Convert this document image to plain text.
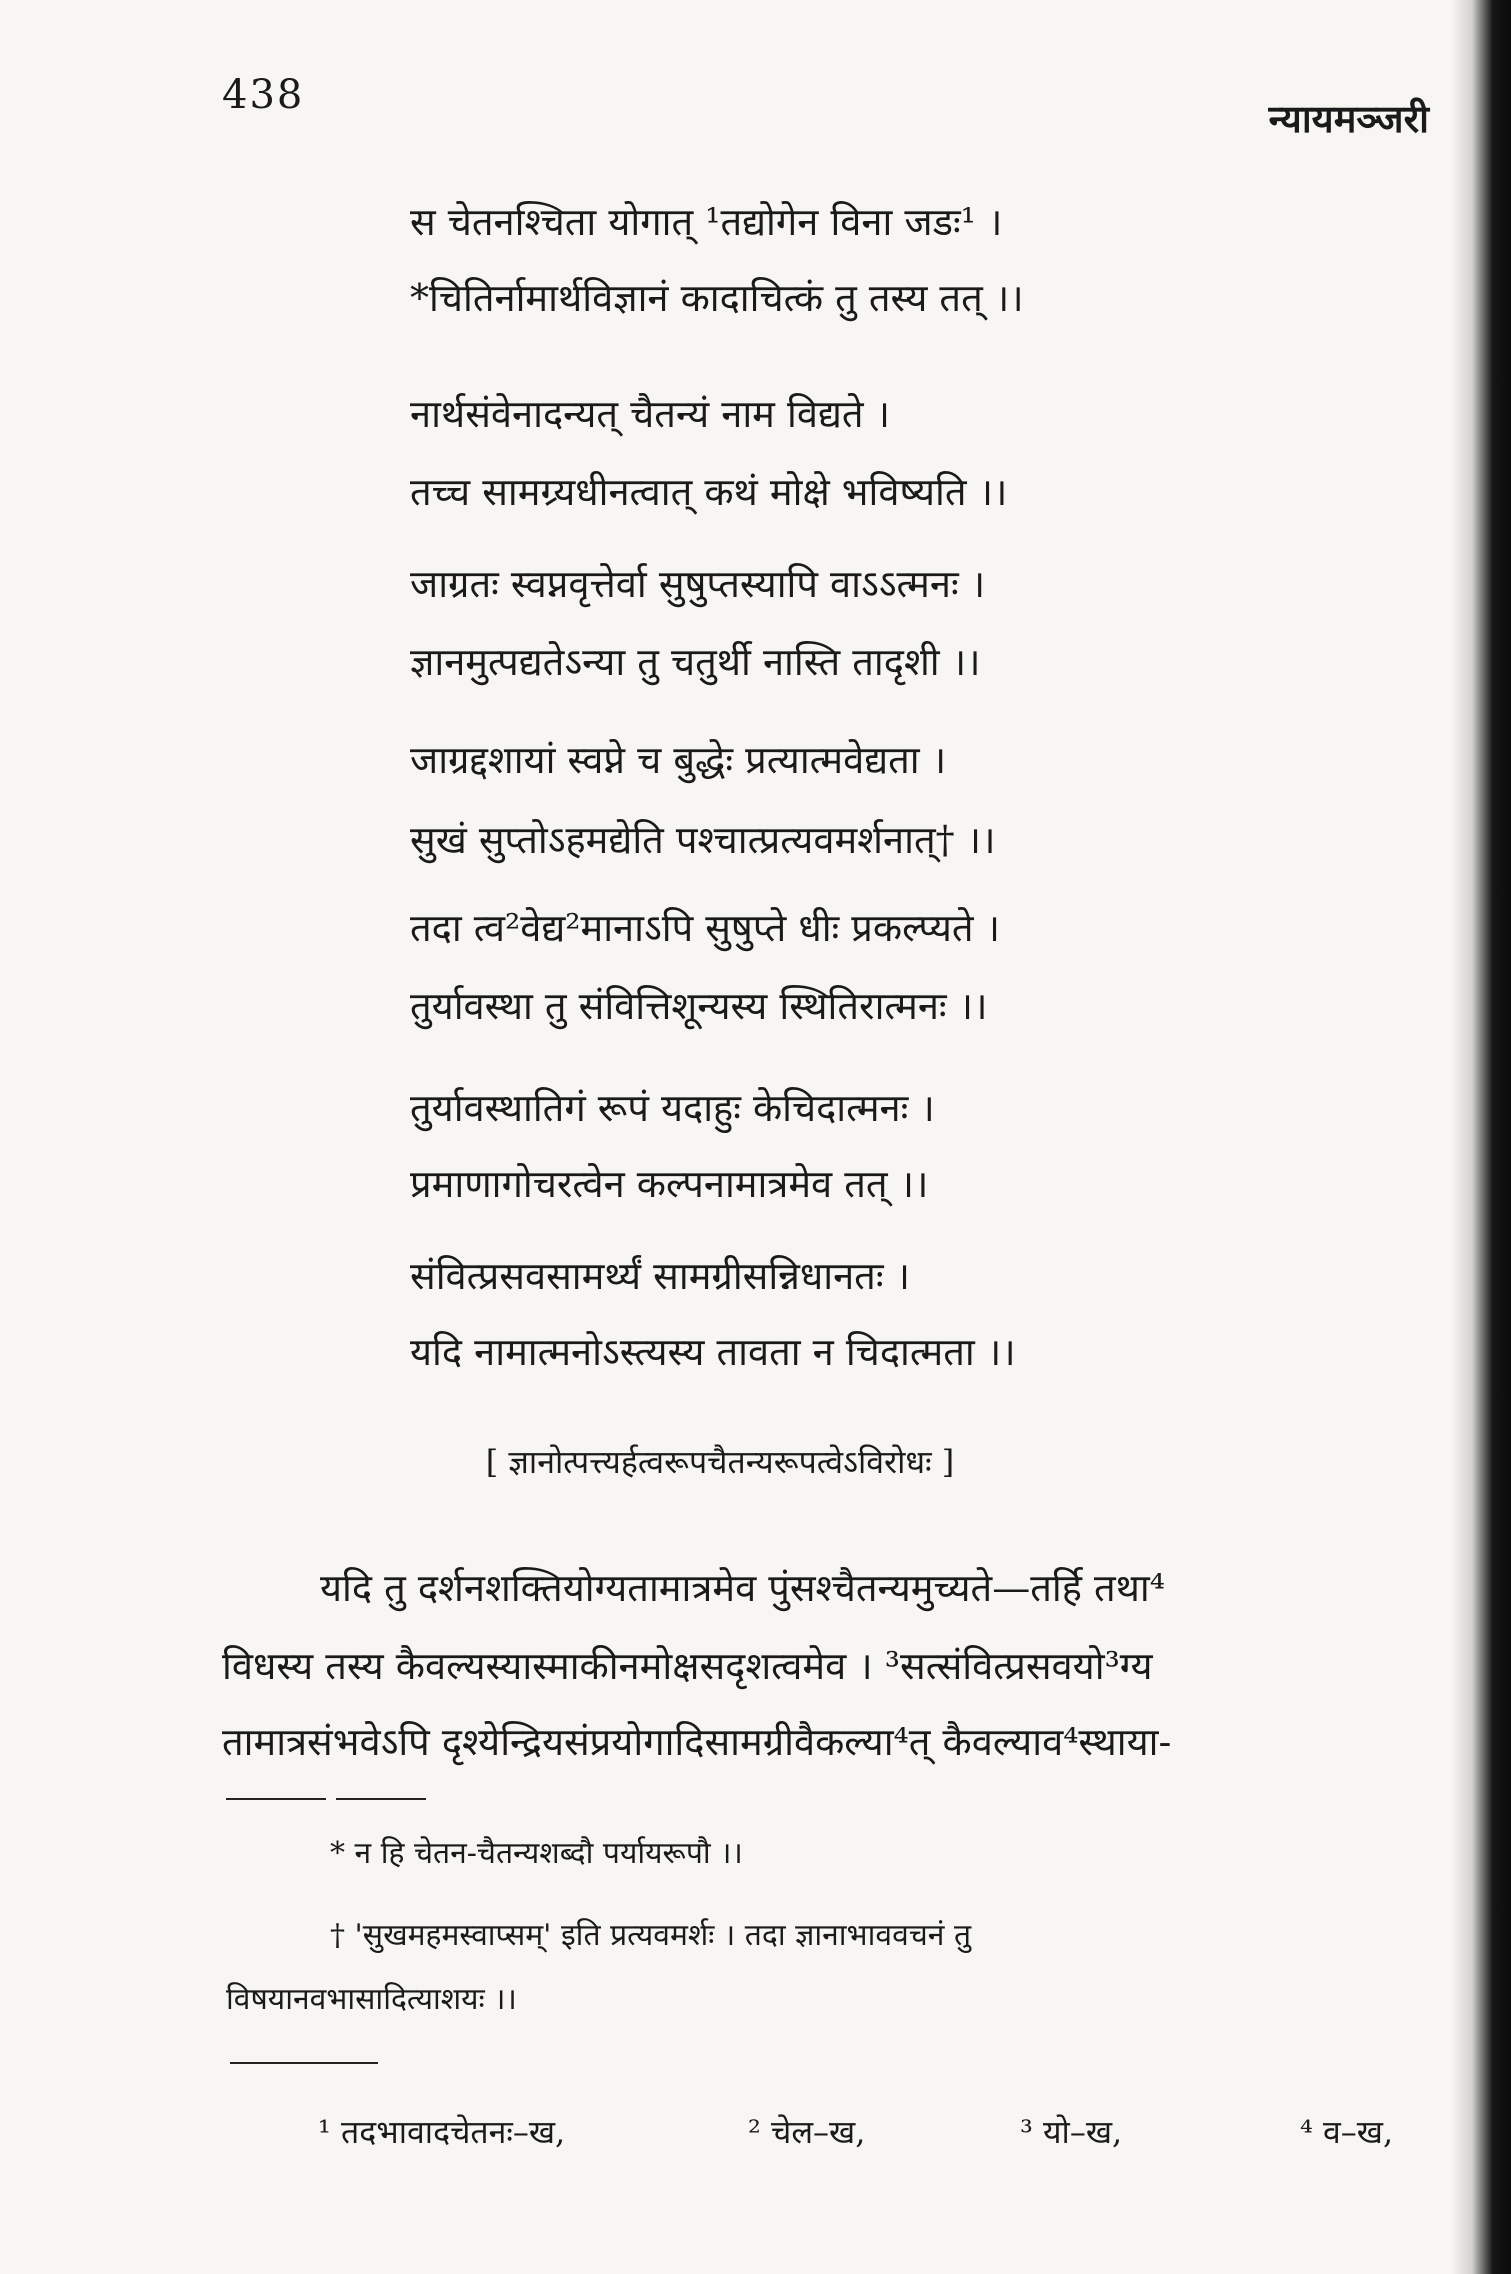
438
न्यायमञ्जरी
स चेतनश्चिता योगात् ¹तद्योगेन विना जडः¹ ।
*चितिर्नामार्थविज्ञानं कादाचित्कं तु तस्य तत् ।।
नार्थसंवेनादन्यत् चैतन्यं नाम विद्यते ।
तच्च सामग्र्यधीनत्वात् कथं मोक्षे भविष्यति ।।
जाग्रतः स्वप्नवृत्तेर्वा सुषुप्तस्यापि वाऽऽत्मनः ।
ज्ञानमुत्पद्यतेऽन्या तु चतुर्थी नास्ति तादृशी ।।
जाग्रद्दशायां स्वप्ने च बुद्धेः प्रत्यात्मवेद्यता ।
सुखं सुप्तोऽहमद्येति पश्चात्प्रत्यवमर्शनात्† ।।
तदा त्व²वेद्य²मानाऽपि सुषुप्ते धीः प्रकल्प्यते ।
तुर्यावस्था तु संवित्तिशून्यस्य स्थितिरात्मनः ।।
तुर्यावस्थातिगं रूपं यदाहुः केचिदात्मनः ।
प्रमाणागोचरत्वेन कल्पनामात्रमेव तत् ।।
संवित्प्रसवसामर्थ्यं सामग्रीसन्निधानतः ।
यदि नामात्मनोऽस्त्यस्य तावता न चिदात्मता ।।
[ ज्ञानोत्पत्त्यर्हत्वरूपचैतन्यरूपत्वेऽविरोधः ]
यदि तु दर्शनशक्तियोग्यतामात्रमेव पुंसश्चैतन्यमुच्यते—तर्हि तथा⁴
विधस्य तस्य कैवल्यस्यास्माकीनमोक्षसदृशत्वमेव । ³सत्संवित्प्रसवयो³ग्य
तामात्रसंभवेऽपि दृश्येन्द्रियसंप्रयोगादिसामग्रीवैकल्या⁴त् कैवल्याव⁴स्थाया-
* न हि चेतन-चैतन्यशब्दौ पर्यायरूपौ ।।
† 'सुखमहमस्वाप्सम्' इति प्रत्यवमर्शः । तदा ज्ञानाभाववचनं तु
विषयानवभासादित्याशयः ।।
¹ तदभावादचेतनः–ख,	² चेल–ख,	³ यो–ख,	⁴ व–ख,
